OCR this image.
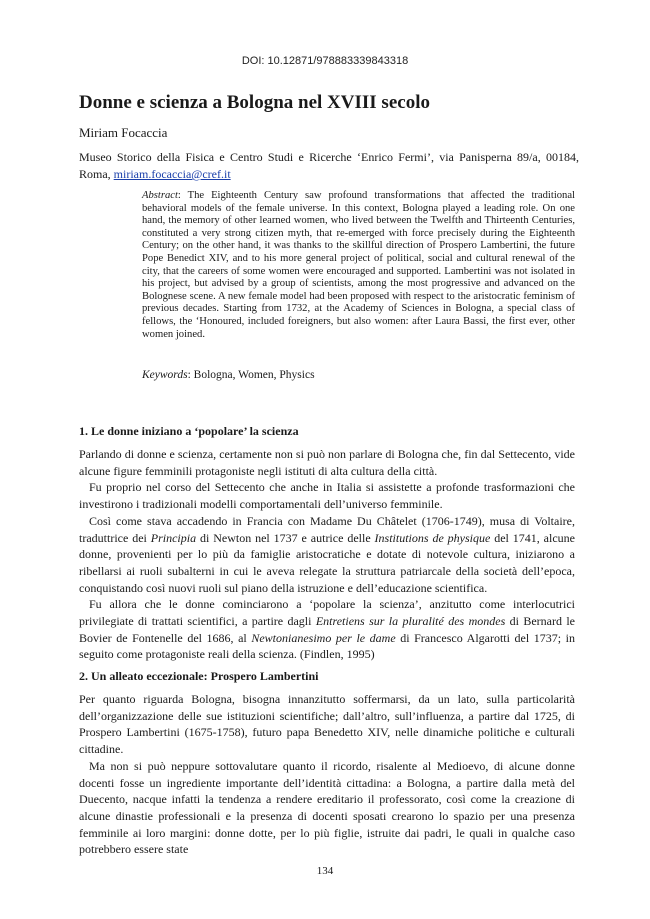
DOI: 10.12871/978883339843318
Donne e scienza a Bologna nel XVIII secolo
Miriam Focaccia
Museo Storico della Fisica e Centro Studi e Ricerche ‘Enrico Fermi’, via Panisperna 89/a, 00184, Roma, miriam.focaccia@cref.it
Abstract: The Eighteenth Century saw profound transformations that affected the traditional behavioral models of the female universe. In this context, Bologna played a leading role. On one hand, the memory of other learned women, who lived between the Twelfth and Thirteenth Centuries, constituted a very strong citizen myth, that re-emerged with force precisely during the Eighteenth Century; on the other hand, it was thanks to the skillful direction of Prospero Lambertini, the future Pope Benedict XIV, and to his more general project of political, social and cultural renewal of the city, that the careers of some women were encouraged and supported. Lambertini was not isolated in his project, but advised by a group of scientists, among the most progressive and advanced on the Bolognese scene. A new female model had been proposed with respect to the aristocratic feminism of previous decades. Starting from 1732, at the Academy of Sciences in Bologna, a special class of fellows, the ‘Honoured, included foreigners, but also women: after Laura Bassi, the first ever, other women joined.
Keywords: Bologna, Women, Physics
1. Le donne iniziano a ‘popolare’ la scienza

Parlando di donne e scienza, certamente non si può non parlare di Bologna che, fin dal Settecento, vide alcune figure femminili protagoniste negli istituti di alta cultura della città.

Fu proprio nel corso del Settecento che anche in Italia si assistette a profonde trasformazioni che investirono i tradizionali modelli comportamentali dell’universo femminile.

Così come stava accadendo in Francia con Madame Du Châtelet (1706-1749), musa di Voltaire, traduttrice dei Principia di Newton nel 1737 e autrice delle Institutions de physique del 1741, alcune donne, provenienti per lo più da famiglie aristocratiche e dotate di notevole cultura, iniziarono a ribellarsi ai ruoli subalterni in cui le aveva relegate la struttura patriarcale della società dell’epoca, conquistando così nuovi ruoli sul piano della istruzione e dell’educazione scientifica.

Fu allora che le donne cominciarono a ‘popolare la scienza’, anzitutto come interlocutrici privilegiate di trattati scientifici, a partire dagli Entretiens sur la pluralité des mondes di Bernard le Bovier de Fontenelle del 1686, al Newtonianesimo per le dame di Francesco Algarotti del 1737; in seguito come protagoniste reali della scienza. (Findlen, 1995)

2. Un alleato eccezionale: Prospero Lambertini

Per quanto riguarda Bologna, bisogna innanzitutto soffermarsi, da un lato, sulla particolarità dell’organizzazione delle sue istituzioni scientifiche; dall’altro, sull’influenza, a partire dal 1725, di Prospero Lambertini (1675-1758), futuro papa Benedetto XIV, nelle dinamiche politiche e culturali cittadine.

Ma non si può neppure sottovalutare quanto il ricordo, risalente al Medioevo, di alcune donne docenti fosse un ingrediente importante dell’identità cittadina: a Bologna, a partire dalla metà del Duecento, nacque infatti la tendenza a rendere ereditario il professorato, così come la creazione di alcune dinastie professionali e la presenza di docenti sposati crearono lo spazio per una presenza femminile ai loro margini: donne dotte, per lo più figlie, istruite dai padri, le quali in qualche caso potrebbero essere state

134
